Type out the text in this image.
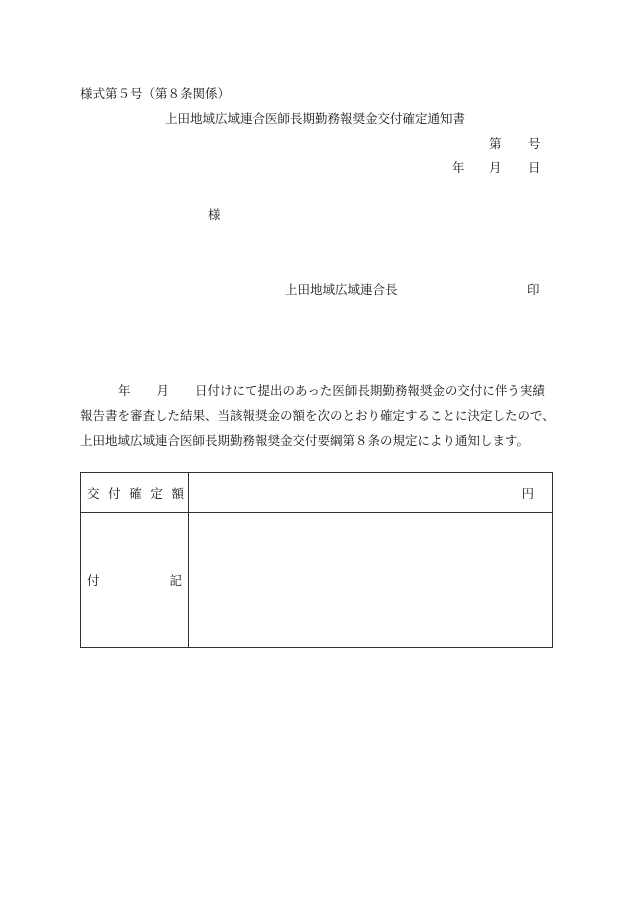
様式第５号（第８条関係）
上田地域広域連合医師長期勤務報奨金交付確定通知書
第 号
年 月 日
様
上田地域広域連合長	印
年 月 日付けにて提出のあった医師長期勤務報奨金の交付に伴う実績
報告書を審査した結果、当該報奨金の額を次のとおり確定することに決定したので、
上田地域広域連合医師長期勤務報奨金交付要綱第８条の規定により通知します。
交 付 確 定 額	円

付 記	
